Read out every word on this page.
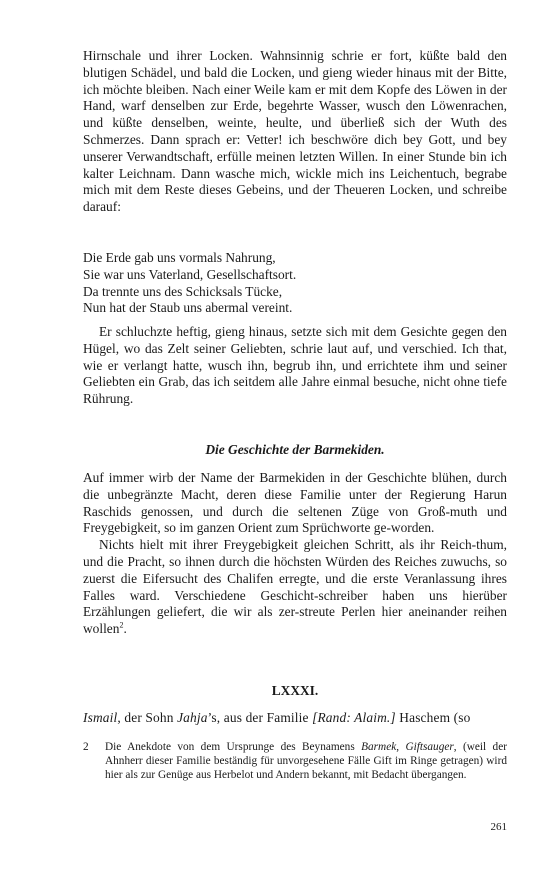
Hirnschale und ihrer Locken. Wahnsinnig schrie er fort, küßte bald den blutigen Schädel, und bald die Locken, und gieng wieder hinaus mit der Bitte, ich möchte bleiben. Nach einer Weile kam er mit dem Kopfe des Löwen in der Hand, warf denselben zur Erde, begehrte Wasser, wusch den Löwenrachen, und küßte denselben, weinte, heulte, und überließ sich der Wuth des Schmerzes. Dann sprach er: Vetter! ich beschwöre dich bey Gott, und bey unserer Verwandtschaft, erfülle meinen letzten Willen. In einer Stunde bin ich kalter Leichnam. Dann wasche mich, wickle mich ins Leichentuch, begrabe mich mit dem Reste dieses Gebeins, und der Theueren Locken, und schreibe darauf:

Die Erde gab uns vormals Nahrung,
Sie war uns Vaterland, Gesellschaftsort.
Da trennte uns des Schicksals Tücke,
Nun hat der Staub uns abermal vereint.

Er schluchzte heftig, gieng hinaus, setzte sich mit dem Gesichte gegen den Hügel, wo das Zelt seiner Geliebten, schrie laut auf, und verschied. Ich that, wie er verlangt hatte, wusch ihn, begrub ihn, und errichtete ihm und seiner Geliebten ein Grab, das ich seitdem alle Jahre einmal besuche, nicht ohne tiefe Rührung.

Die Geschichte der Barmekiden.

Auf immer wirb der Name der Barmekiden in der Geschichte blühen, durch die unbegränzte Macht, deren diese Familie unter der Regierung Harun Raschids genossen, und durch die seltenen Züge von Groß-muth und Freygebigkeit, so im ganzen Orient zum Sprüchworte ge-worden.

Nichts hielt mit ihrer Freygebigkeit gleichen Schritt, als ihr Reich-thum, und die Pracht, so ihnen durch die höchsten Würden des Reiches zuwuchs, so zuerst die Eifersucht des Chalifen erregte, und die erste Veranlassung ihres Falles ward. Verschiedene Geschicht-schreiber haben uns hierüber Erzählungen geliefert, die wir als zer-streute Perlen hier aneinander reihen wollen$^2$.

LXXXI.
Ismail, der Sohn Jahja’s, aus der Familie [Rand: Alaim.] Haschem (so
2 Die Anekdote von dem Ursprunge des Beynamens Barmek, Giftsauger, (weil der Ahnherr dieser Familie beständig für unvorgesehene Fälle Gift im Ringe getragen) wird hier als zur Genüge aus Herbelot und Andern bekannt, mit Bedacht übergangen.
261
